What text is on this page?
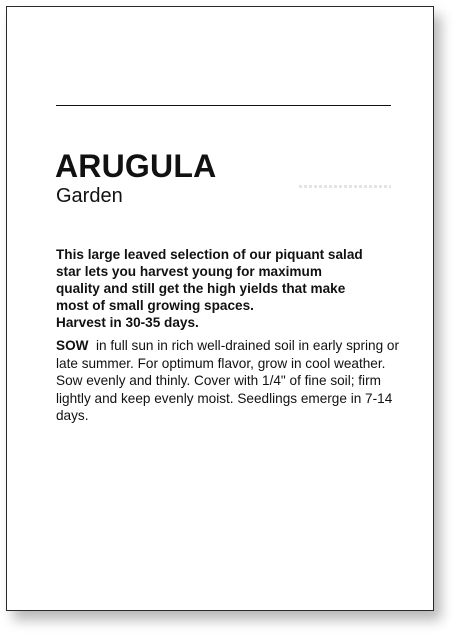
ARUGULA
Garden
This large leaved selection of our piquant salad
star lets you harvest young for maximum
quality and still get the high yields that make
most of small growing spaces.
Harvest in 30-35 days.

SOW  in full sun in rich well-drained soil in early spring or late summer. For optimum flavor, grow in cool weather. Sow evenly and thinly. Cover with 1/4" of fine soil; firm lightly and keep evenly moist. Seedlings emerge in 7-14 days.
